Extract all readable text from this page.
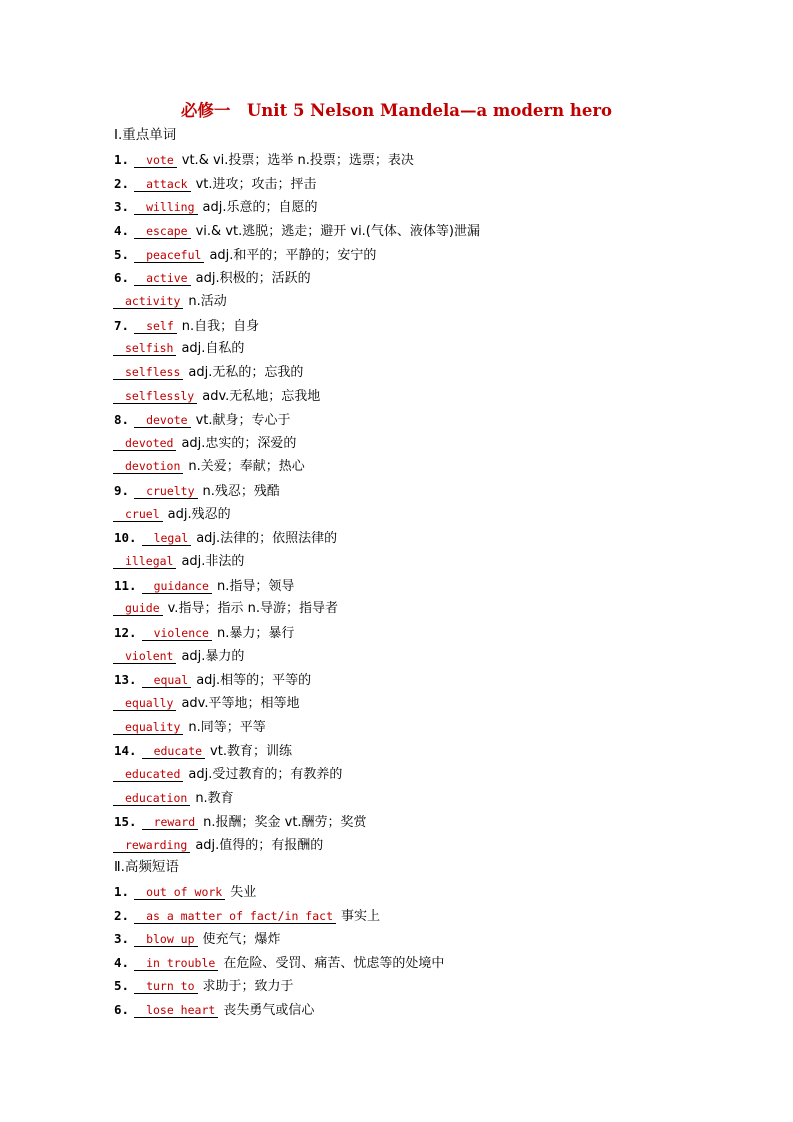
必修一　Unit 5 Nelson Mandela—a modern hero
Ⅰ.重点单词
1. vote vt.& vi.投票；选举 n.投票；选票；表决
2. attack vt.进攻；攻击；抨击
3. willing adj.乐意的；自愿的
4. escape vi.& vt.逃脱；逃走；避开 vi.(气体、液体等)泄漏
5. peaceful adj.和平的；平静的；安宁的
6. active adj.积极的；活跃的
activity n.活动
7. self n.自我；自身
selfish adj.自私的
selfless adj.无私的；忘我的
selflessly adv.无私地；忘我地
8. devote vt.献身；专心于
devoted adj.忠实的；深爱的
devotion n.关爱；奉献；热心
9. cruelty n.残忍；残酷
cruel adj.残忍的
10. legal adj.法律的；依照法律的
illegal adj.非法的
11. guidance n.指导；领导
guide v.指导；指示 n.导游；指导者
12. violence n.暴力；暴行
violent adj.暴力的
13. equal adj.相等的；平等的
equally adv.平等地；相等地
equality n.同等；平等
14. educate vt.教育；训练
educated adj.受过教育的；有教养的
education n.教育
15. reward n.报酬；奖金 vt.酬劳；奖赏
rewarding adj.值得的；有报酬的
Ⅱ.高频短语
1. out of work 失业
2. as a matter of fact/in fact 事实上
3. blow up 使充气；爆炸
4. in trouble 在危险、受罚、痛苦、忧虑等的处境中
5. turn to 求助于；致力于
6. lose heart 丧失勇气或信心
